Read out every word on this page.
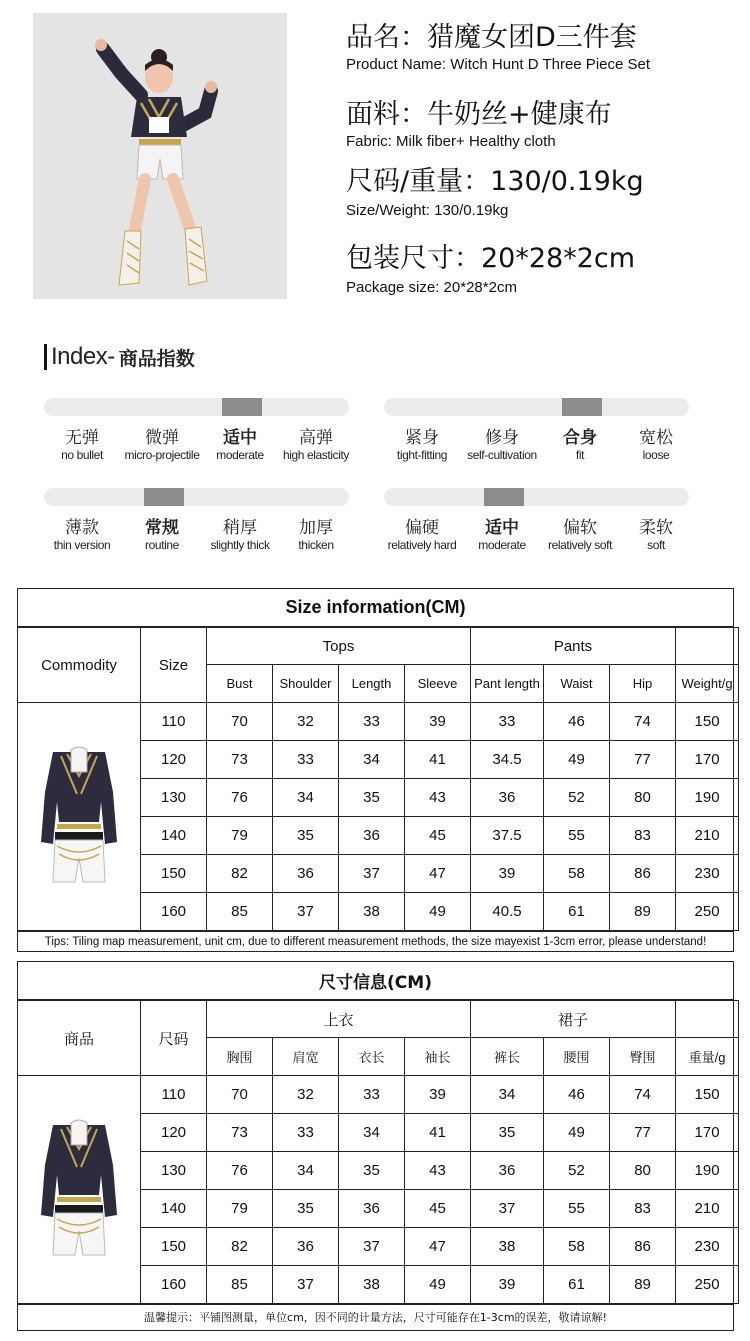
品名：猎魔女团D三件套
Product Name: Witch Hunt D Three Piece Set
面料：牛奶丝+健康布
Fabric: Milk fiber+ Healthy cloth
尺码/重量：130/0.19kg
Size/Weight: 130/0.19kg
包装尺寸：20*28*2cm
Package size: 20*28*2cm
Index- 商品指数
无弹
no bullet
微弹
micro-projectile
适中
moderate
高弹
high elasticity
紧身
tight-fitting
修身
self-cultivation
合身
fit
宽松
loose
薄款
thin version
常规
routine
稍厚
slightly thick
加厚
thicken
偏硬
relatively hard
适中
moderate
偏软
relatively soft
柔软
soft
Size information(CM)
Commodity	Size	Tops				Pants			
		Bust	Shoulder	Length	Sleeve	Pant length	Waist	Hip	Weight/g

	110	70	32	33	39	33	46	74	150
	120	73	33	34	41	34.5	49	77	170
	130	76	34	35	43	36	52	80	190
	140	79	35	36	45	37.5	55	83	210
	150	82	36	37	47	39	58	86	230
	160	85	37	38	49	40.5	61	89	250
Tips: Tiling map measurement, unit cm, due to different measurement methods, the size mayexist 1-3cm error, please understand!
尺寸信息(CM)
商品	尺码	上衣				裙子			
		胸围	肩宽	衣长	袖长	裤长	腰围	臀围	重量/g

	110	70	32	33	39	34	46	74	150
	120	73	33	34	41	35	49	77	170
	130	76	34	35	43	36	52	80	190
	140	79	35	36	45	37	55	83	210
	150	82	36	37	47	38	58	86	230
	160	85	37	38	49	39	61	89	250
温馨提示：平铺图测量，单位cm，因不同的计量方法，尺寸可能存在1-3cm的误差，敬请谅解!
